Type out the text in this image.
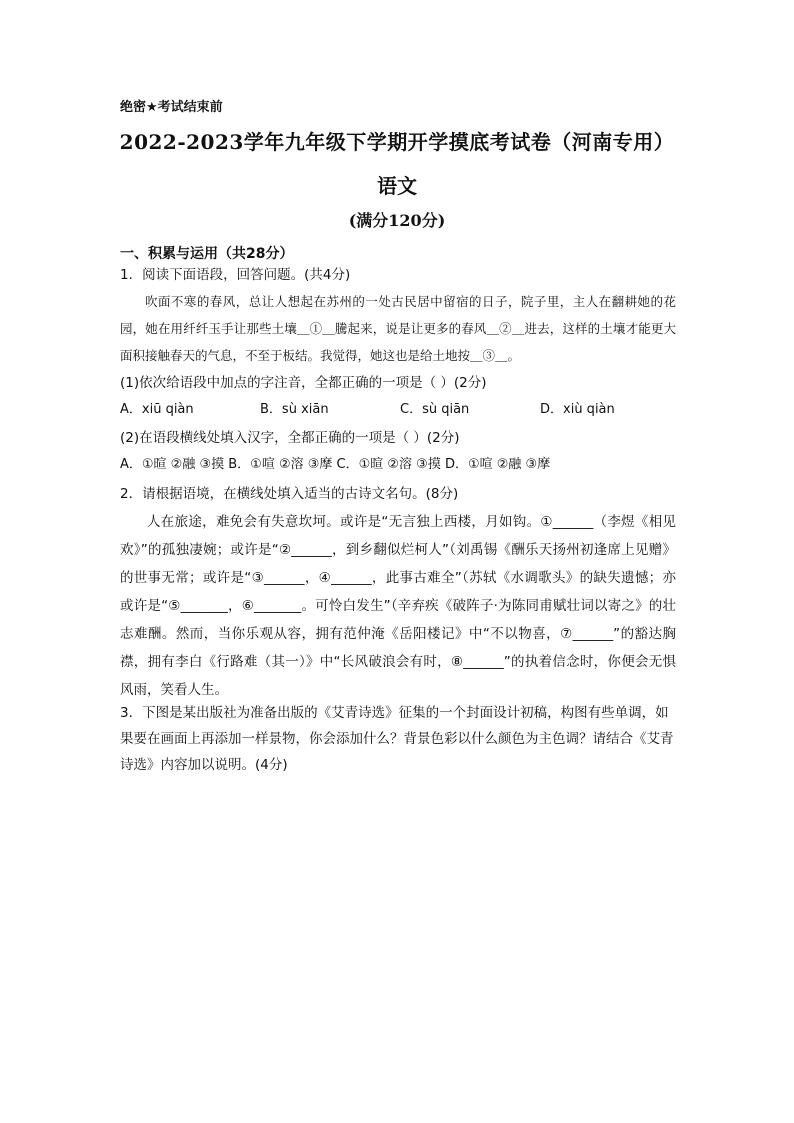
绝密★考试结束前
2022-2023学年九年级下学期开学摸底考试卷（河南专用）
语文
(满分120分)
一、积累与运用（共28分）
1．阅读下面语段，回答问题。(共4分)
吹面不寒的春风，总让人想起在苏州的一处古民居中留宿的日子，院子里，主人在翻耕她的花园，她在用纤纤玉手让那些土壤＿①＿騰起来，说是让更多的春风＿②＿进去，这样的土壤才能更大面积接触春天的气息，不至于板结。我觉得，她这也是给土地按＿③＿。
(1)依次给语段中加点的字注音，全都正确的一项是（ ）(2分)
A．xiū qiàn	B．sù xiān	C．sù qiān	D．xiù qiàn
(2)在语段横线处填入汉字，全都正确的一项是（ ）(2分)
A．①暄 ②融 ③摸 B．①喧 ②溶 ③摩 C．①暄 ②溶 ③摸 D．①喧 ②融 ③摩
2．请根据语境，在横线处填入适当的古诗文名句。(8分)
人在旅途，难免会有失意坎坷。或许是“无言独上西楼，月如钩。①______（李煜《相见欢》”的孤独凄婉；或许是“②______，到乡翻似烂柯人”（刘禹锡《酬乐天扬州初逢席上见赠》的世事无常；或许是“③______，④______，此事古难全”（苏轼《水调歌头》的缺失遗憾；亦或许是“⑤_______，⑥_______。可怜白发生”（辛弃疾《破阵子·为陈同甫赋壮词以寄之》的壮志难酬。然而，当你乐观从容，拥有范仲淹《岳阳楼记》中“不以物喜，⑦______”的豁达胸襟，拥有李白《行路难（其一）》中“长风破浪会有时，⑧______”的执着信念时，你便会无惧风雨，笑看人生。
3．下图是某出版社为准备出版的《艾青诗选》征集的一个封面设计初稿，构图有些单调，如果要在画面上再添加一样景物，你会添加什么？背景色彩以什么颜色为主色调？请结合《艾青诗选》内容加以说明。(4分)
